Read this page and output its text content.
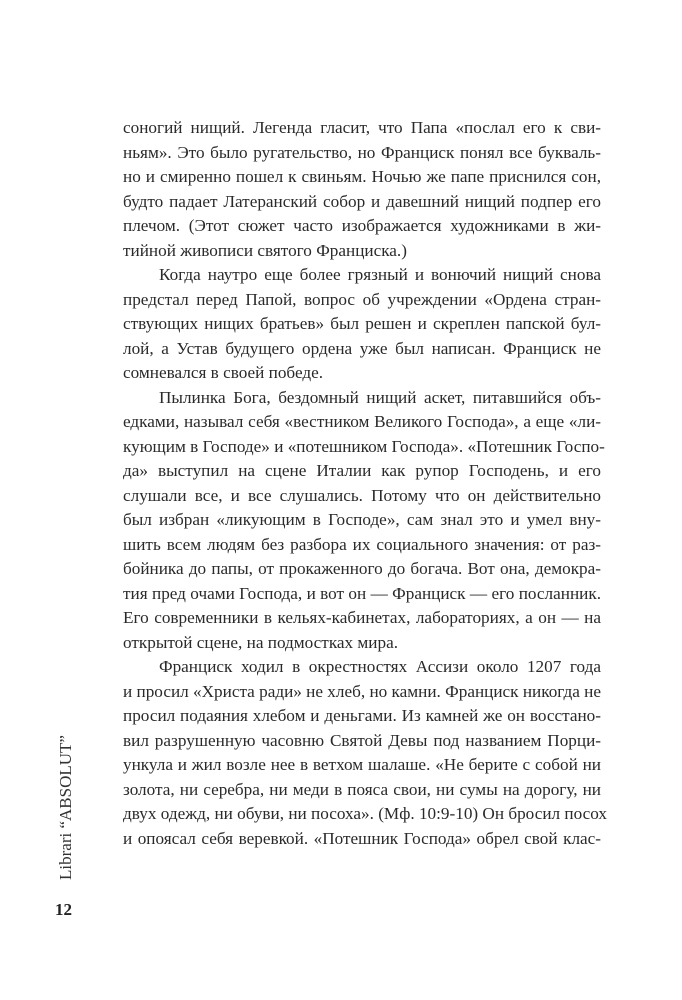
соногий нищий. Легенда гласит, что Папа «послал его к сви-
ньям». Это было ругательство, но Франциск понял все букваль-
но и смиренно пошел к свиньям. Ночью же папе приснился сон,
будто падает Латеранский собор и давешний нищий подпер его
плечом. (Этот сюжет часто изображается художниками в жи-
тийной живописи святого Франциска.)
Когда наутро еще более грязный и вонючий нищий снова
предстал перед Папой, вопрос об учреждении «Ордена стран-
ствующих нищих братьев» был решен и скреплен папской бул-
лой, а Устав будущего ордена уже был написан. Франциск не
сомневался в своей победе.
Пылинка Бога, бездомный нищий аскет, питавшийся объ-
едками, называл себя «вестником Великого Господа», а еще «ли-
кующим в Господе» и «потешником Господа». «Потешник Госпо-
да» выступил на сцене Италии как рупор Господень, и его
слушали все, и все слушались. Потому что он действительно
был избран «ликующим в Господе», сам знал это и умел вну-
шить всем людям без разбора их социального значения: от раз-
бойника до папы, от прокаженного до богача. Вот она, демокра-
тия пред очами Господа, и вот он — Франциск — его посланник.
Его современники в кельях-кабинетах, лабораториях, а он — на
открытой сцене, на подмостках мира.
Франциск ходил в окрестностях Ассизи около 1207 года
и просил «Христа ради» не хлеб, но камни. Франциск никогда не
просил подаяния хлебом и деньгами. Из камней же он восстано-
вил разрушенную часовню Святой Девы под названием Порци-
ункула и жил возле нее в ветхом шалаше. «Не берите с собой ни
золота, ни серебра, ни меди в пояса свои, ни сумы на дорогу, ни
двух одежд, ни обуви, ни посоха». (Мф. 10:9-10) Он бросил посох
и опоясал себя веревкой. «Потешник Господа» обрел свой клас-
Librari “ABSOLUT”
12
